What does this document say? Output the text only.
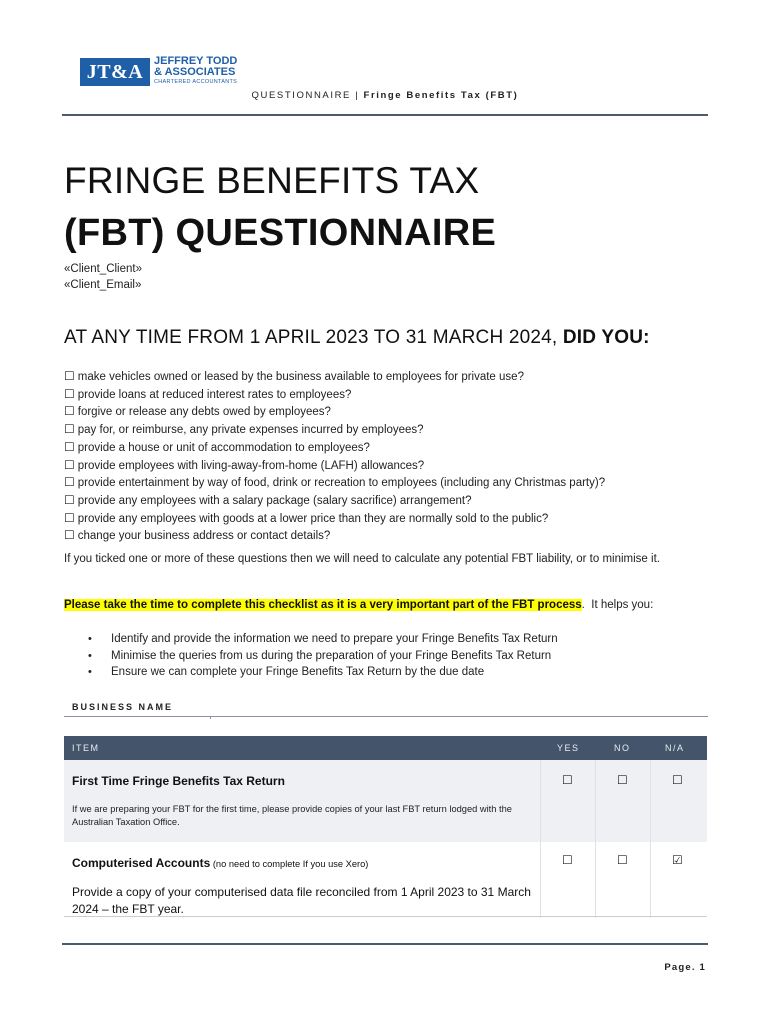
JT&A JEFFREY TODD
& ASSOCIATES
CHARTERED ACCOUNTANTS
QUESTIONNAIRE | Fringe Benefits Tax (FBT)
FRINGE BENEFITS TAX
(FBT) QUESTIONNAIRE
«Client_Client»
«Client_Email»
AT ANY TIME FROM 1 APRIL 2023 TO 31 MARCH 2024, DID YOU:
☐ make vehicles owned or leased by the business available to employees for private use?
☐ provide loans at reduced interest rates to employees?
☐ forgive or release any debts owed by employees?
☐ pay for, or reimburse, any private expenses incurred by employees?
☐ provide a house or unit of accommodation to employees?
☐ provide employees with living-away-from-home (LAFH) allowances?
☐ provide entertainment by way of food, drink or recreation to employees (including any Christmas party)?
☐ provide any employees with a salary package (salary sacrifice) arrangement?
☐ provide any employees with goods at a lower price than they are normally sold to the public?
☐ change your business address or contact details?
If you ticked one or more of these questions then we will need to calculate any potential FBT liability, or to minimise it.
Please take the time to complete this checklist as it is a very important part of the FBT process.  It helps you:
• Identify and provide the information we need to prepare your Fringe Benefits Tax Return
• Minimise the queries from us during the preparation of your Fringe Benefits Tax Return
• Ensure we can complete your Fringe Benefits Tax Return by the due date
BUSINESS NAME
ITEM	YES	NO	N/A
First Time Fringe Benefits Tax Return
If we are preparing your FBT for the first time, please provide copies of your last FBT return lodged with the Australian Taxation Office.
☐	☐	☐
Computerised Accounts (no need to complete If you use Xero)
Provide a copy of your computerised data file reconciled from 1 April 2023 to 31 March 2024 – the FBT year.
☐	☐	☑
Page. 1
